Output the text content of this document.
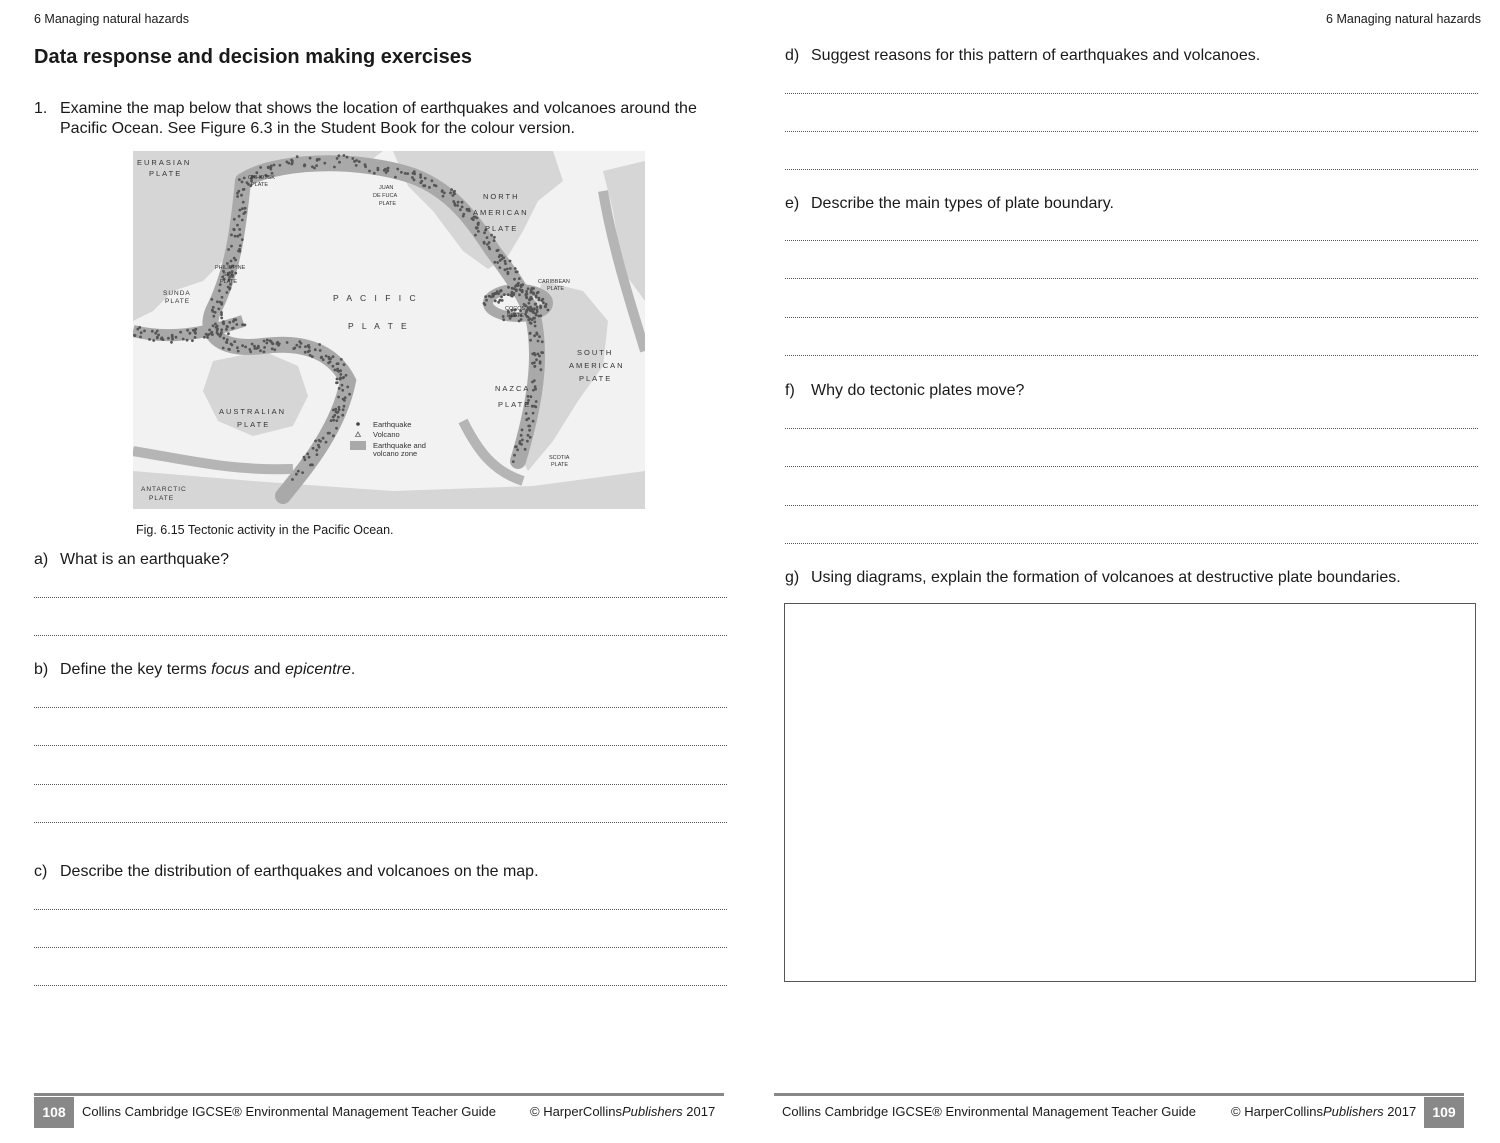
6 Managing natural hazards	6 Managing natural hazards
Data response and decision making exercises
1. Examine the map below that shows the location of earthquakes and volcanoes around the
Pacific Ocean. See Figure 6.3 in the Student Book for the colour version.
EURASIAN
PLATE
NORTH
AMERICAN
PLATE
SUNDA
PLATE	P A C I F I C
P L A T E
SOUTH
AMERICAN
PLATE
NAZCA
PLATE
AUSTRALIAN
PLATE
ANTARCTIC
PLATE
OKHOTSK
PLATE	JUAN
DE FUCA
PLATE
PHILIPPINE
SEA
PLATE	CARIBBEAN
PLATE
COCOS
PLATE
SCOTIA
PLATE
Earthquake
Volcano
Earthquake and
volcano zone
Fig. 6.15 Tectonic activity in the Pacific Ocean.
a) What is an earthquake?
b) Define the key terms focus and epicentre.
c) Describe the distribution of earthquakes and volcanoes on the map.
d) Suggest reasons for this pattern of earthquakes and volcanoes.
e) Describe the main types of plate boundary.
f) Why do tectonic plates move?
g) Using diagrams, explain the formation of volcanoes at destructive plate boundaries.
108	Collins Cambridge IGCSE® Environmental Management Teacher Guide	© HarperCollinsPublishers 2017	Collins Cambridge IGCSE® Environmental Management Teacher Guide	© HarperCollinsPublishers 2017	109
